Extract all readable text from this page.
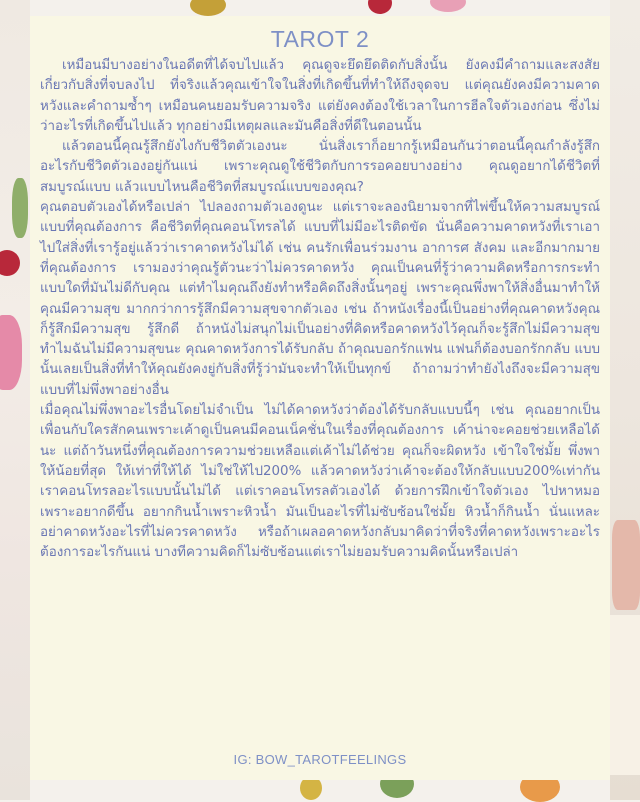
TAROT 2

เหมือนมีบางอย่างในอดีตที่ได้จบไปแล้ว คุณดูจะยึดยึดติดกับสิ่งนั้น ยังคงมีคำถามและสงสัยเกี่ยวกับสิ่งที่จบลงไป ที่จริงแล้วคุณเข้าใจในสิ่งที่เกิดขึ้นที่ทำให้ถึงจุดจบ แต่คุณยังคงมีความคาดหวังและคำถามซ้ำๆ เหมือนคนยอมรับความจริง แต่ยังคงต้องใช้เวลาในการฮีลใจตัวเองก่อน ซึ่งไม่ว่าอะไรที่เกิดขึ้นไปแล้ว ทุกอย่างมีเหตุผลและมันคือสิ่งที่ดีในตอนนั้น

แล้วตอนนี้คุณรู้สึกยังไงกับชีวิตตัวเองนะ นั่นสิ่งเราก็อยากรู้เหมือนกันว่าตอนนี้คุณกำลังรู้สึกอะไรกับชีวิตตัวเองอยู่กันแน่ เพราะคุณดูใช้ชีวิตกับการรอคอยบางอย่าง คุณดูอยากได้ชีวิตที่สมบูรณ์แบบ แล้วแบบไหนคือชีวิตที่สมบูรณ์แบบของคุณ?

คุณตอบตัวเองได้หรือเปล่า ไปลองถามตัวเองดูนะ แต่เราจะลองนิยามจากที่ไพ่ขึ้นให้ความสมบูรณ์แบบที่คุณต้องการ คือชีวิตที่คุณคอนโทรลได้ แบบที่ไม่มีอะไรติดขัด นั่นคือความคาดหวังที่เราเอาไปใส่สิ่งที่เรารู้อยู่แล้วว่าเราคาดหวังไม่ได้ เช่น คนรักเพื่อนร่วมงาน อาการศ สังคม และอีกมากมายที่คุณต้องการ เรามองว่าคุณรู้ตัวนะว่าไม่ควรคาดหวัง คุณเป็นคนที่รู้ว่าความคิดหรือการกระทำแบบใดที่มันไม่ดีกับคุณ แต่ทำไมคุณถึงยังทำหรือคิดถึงสิ่งนั้นๆอยู่ เพราะคุณพึ่งพาให้สิ่งอื่นมาทำให้คุณมีความสุข มากกว่าการรู้สึกมีความสุขจากตัวเอง เช่น ถ้าหนังเรื่องนี้เป็นอย่างที่คุณคาดหวังคุณก็รู้สึกมีความสุข รู้สึกดี ถ้าหนังไม่สนุกไม่เป็นอย่างที่คิดหรือคาดหวังไว้คุณก็จะรู้สึกไม่มีความสุข ทำไมฉันไม่มีความสุขนะ คุณคาดหวังการได้รับกลับ ถ้าคุณบอกรักแฟน แฟนก็ต้องบอกรักกลับ แบบนั้นเลยเป็นสิ่งที่ทำให้คุณยังคงยู่กับสิ่งที่รู้ว่ามันจะทำให้เป็นทุกข์ ถ้าถามว่าทำยังไงถึงจะมีความสุขแบบที่ไม่พึ่งพาอย่างอื่น

เมื่อคุณไม่พึ่งพาอะไรอื่นโดยไม่จำเป็น ไม่ได้คาดหวังว่าต้องได้รับกลับแบบนี้ๆ เช่น คุณอยากเป็นเพื่อนกับใครสักคนเพราะเค้าดูเป็นคนมีคอนเน็คชั่นในเรื่องที่คุณต้องการ เค้าน่าจะคอยช่วยเหลือได้นะ แต่ถ้าวันหนึ่งที่คุณต้องการความช่วยเหลือแต่เค้าไม่ได้ช่วย คุณก็จะผิดหวัง เข้าใจใช่มั้ย พึ่งพาให้น้อยที่สุด ให้เท่าที่ให้ได้ ไม่ใช่ให้ไป200% แล้วคาดหวังว่าเค้าจะต้องให้กลับแบบ200%เท่ากัน เราคอนโทรลอะไรแบบนั้นไม่ได้ แต่เราคอนโทรลตัวเองได้ ด้วยการฝึกเข้าใจตัวเอง ไปหาหมอเพราะอยากดีขึ้น อยากกินน้ำเพราะหิวน้ำ มันเป็นอะไรที่ไม่ซับซ้อนใช่มั้ย หิวน้ำก็กินน้ำ นั่นแหละอย่าคาดหวังอะไรที่ไม่ควรคาดหวัง หรือถ้าเผลอคาดหวังกลับมาคิดว่าที่จริงที่คาดหวังเพราะอะไรต้องการอะไรกันแน่ บางทีความคิดก็ไม่ซับซ้อนแต่เราไม่ยอมรับความคิดนั้นหรือเปล่า

IG: BOW_TAROTFEELINGS
